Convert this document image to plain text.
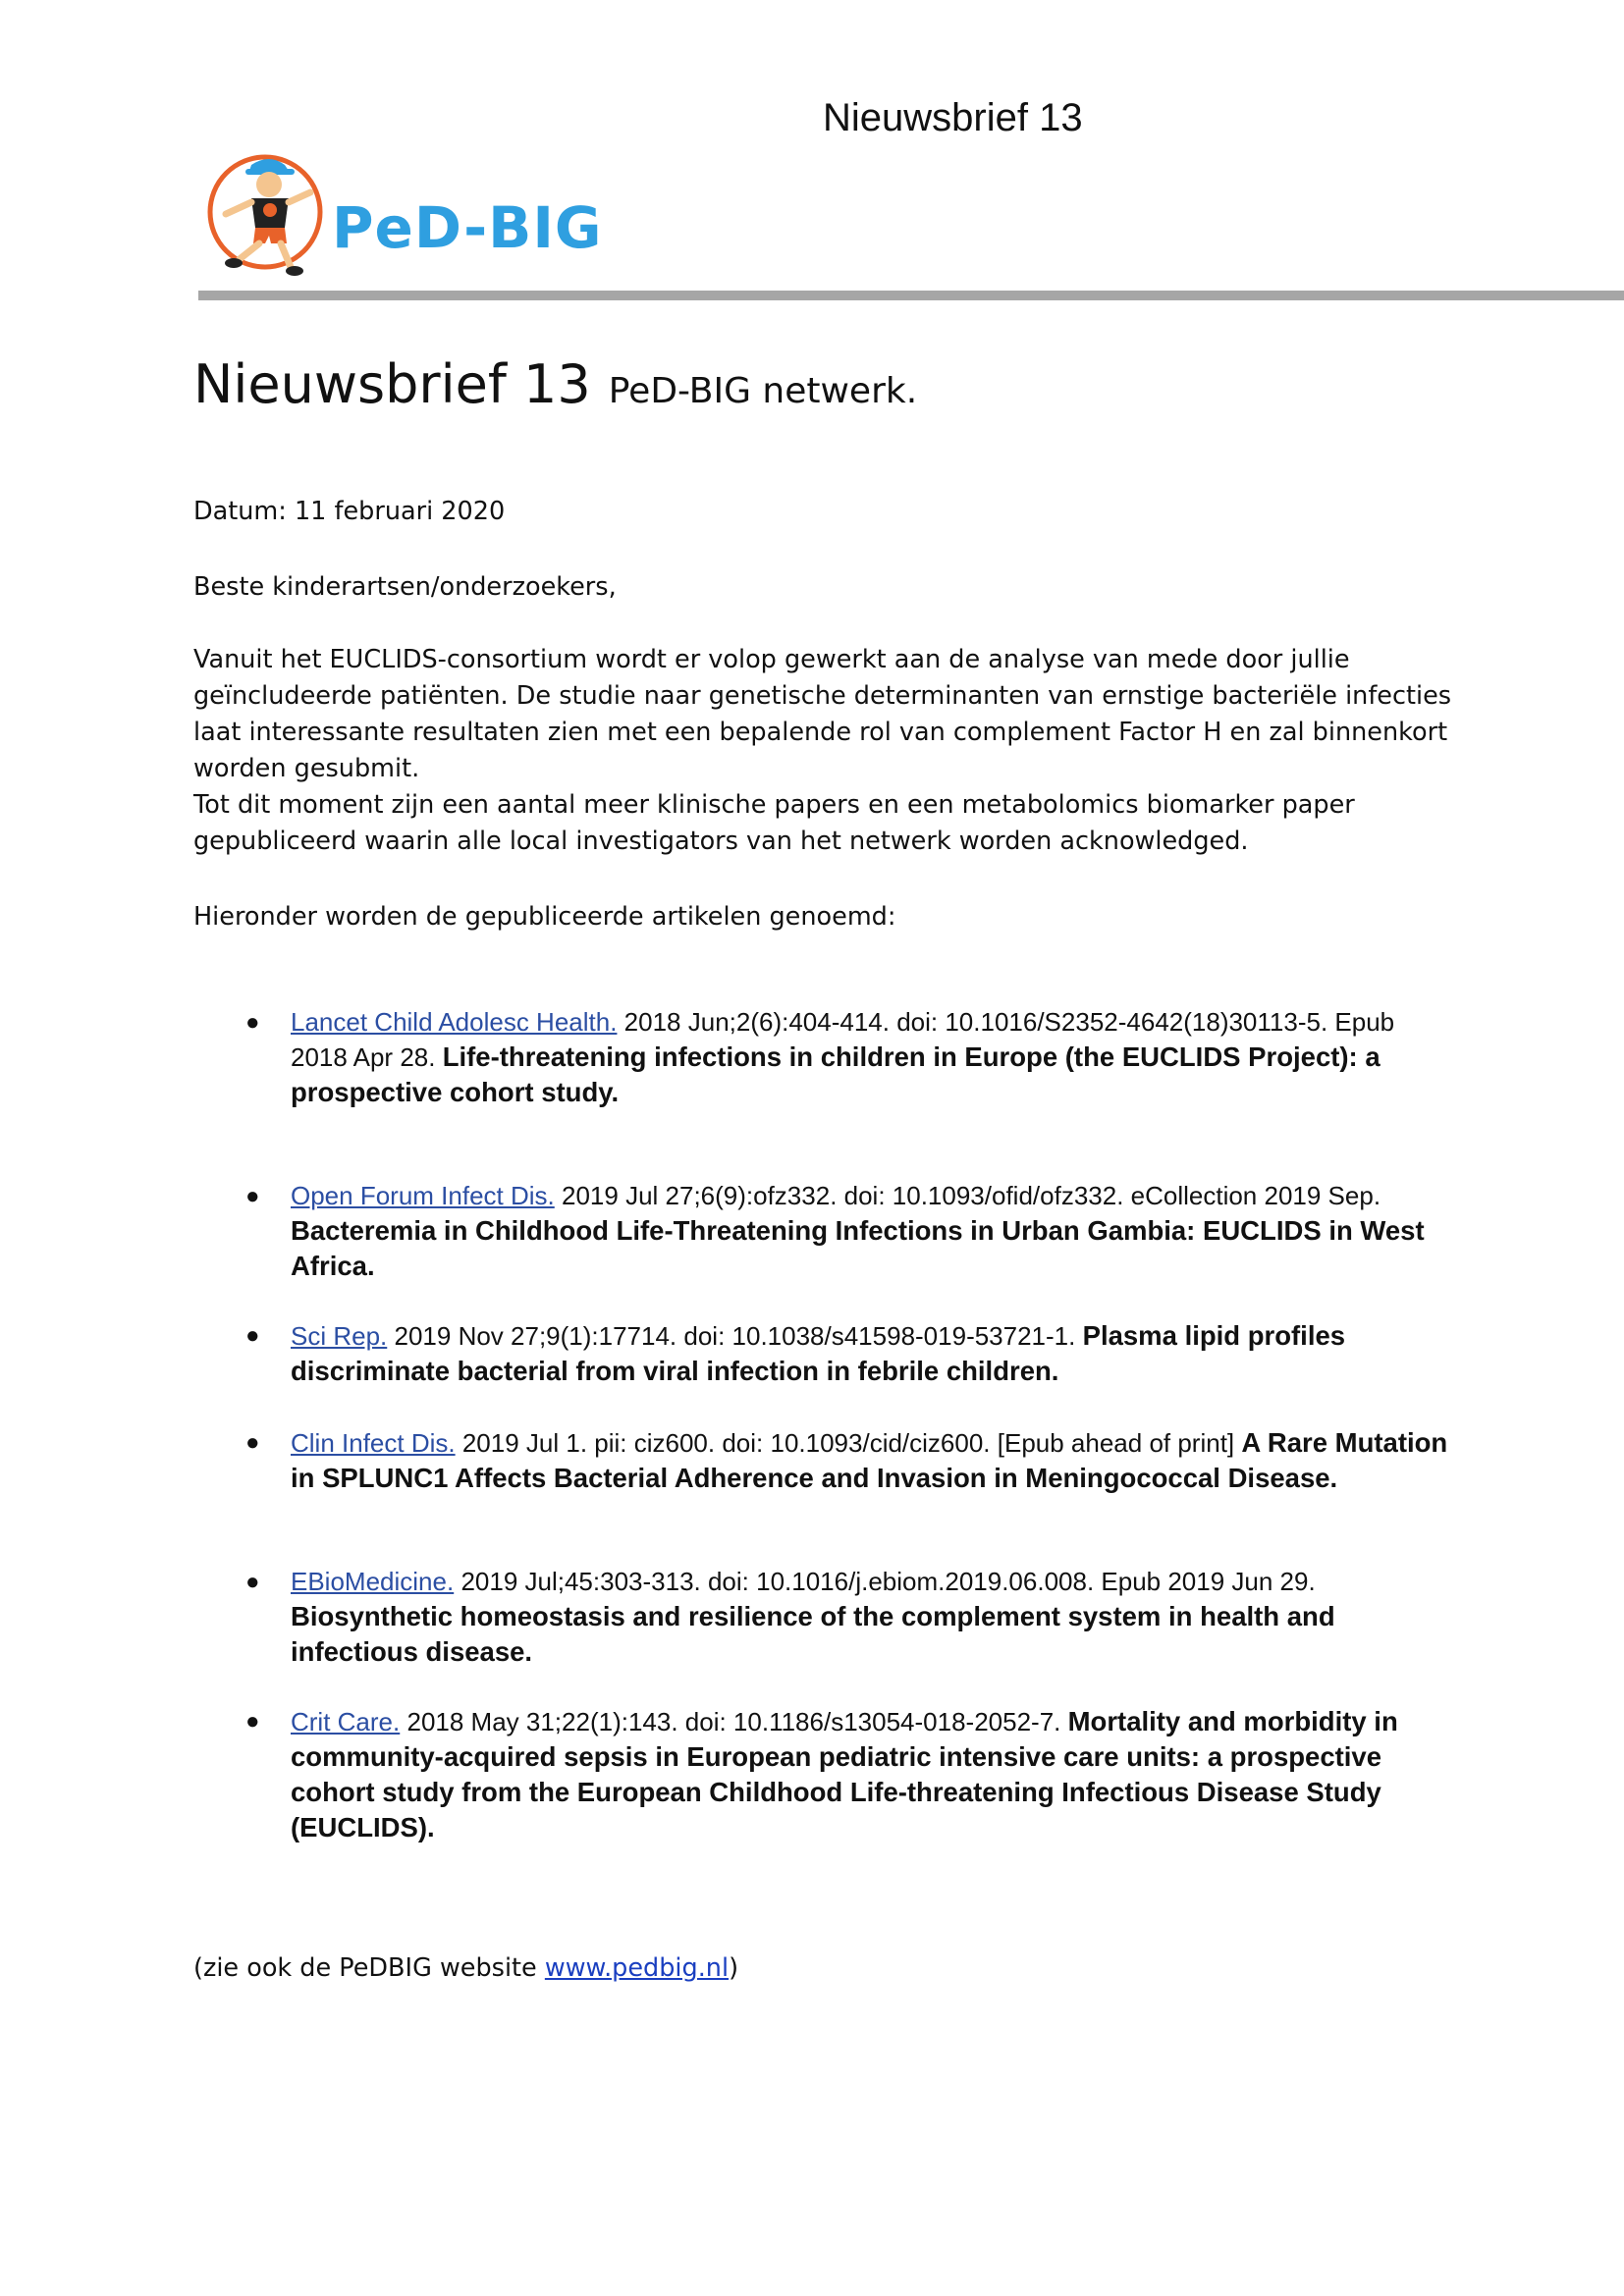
Nieuwsbrief 13
PeD-BIG
Nieuwsbrief 13 PeD-BIG netwerk.
Datum: 11 februari 2020
Beste kinderartsen/onderzoekers,
Vanuit het EUCLIDS-consortium wordt er volop gewerkt aan de analyse van mede door jullie
geïncludeerde patiënten. De studie naar genetische determinanten van ernstige bacteriële infecties
laat interessante resultaten zien met een bepalende rol van complement Factor H en zal binnenkort
worden gesubmit.
Tot dit moment zijn een aantal meer klinische papers en een metabolomics biomarker paper
gepubliceerd waarin alle local investigators van het netwerk worden acknowledged.
Hieronder worden de gepubliceerde artikelen genoemd:
● Lancet Child Adolesc Health. 2018 Jun;2(6):404-414. doi: 10.1016/S2352-4642(18)30113-5. Epub 2018 Apr 28. Life-threatening infections in children in Europe (the EUCLIDS Project): a prospective cohort study.
● Open Forum Infect Dis. 2019 Jul 27;6(9):ofz332. doi: 10.1093/ofid/ofz332. eCollection 2019 Sep. Bacteremia in Childhood Life-Threatening Infections in Urban Gambia: EUCLIDS in West Africa.
● Sci Rep. 2019 Nov 27;9(1):17714. doi: 10.1038/s41598-019-53721-1. Plasma lipid profiles discriminate bacterial from viral infection in febrile children.
● Clin Infect Dis. 2019 Jul 1. pii: ciz600. doi: 10.1093/cid/ciz600. [Epub ahead of print] A Rare Mutation in SPLUNC1 Affects Bacterial Adherence and Invasion in Meningococcal Disease.
● EBioMedicine. 2019 Jul;45:303-313. doi: 10.1016/j.ebiom.2019.06.008. Epub 2019 Jun 29. Biosynthetic homeostasis and resilience of the complement system in health and infectious disease.
● Crit Care. 2018 May 31;22(1):143. doi: 10.1186/s13054-018-2052-7. Mortality and morbidity in community-acquired sepsis in European pediatric intensive care units: a prospective cohort study from the European Childhood Life-threatening Infectious Disease Study (EUCLIDS).
(zie ook de PeDBIG website www.pedbig.nl)
